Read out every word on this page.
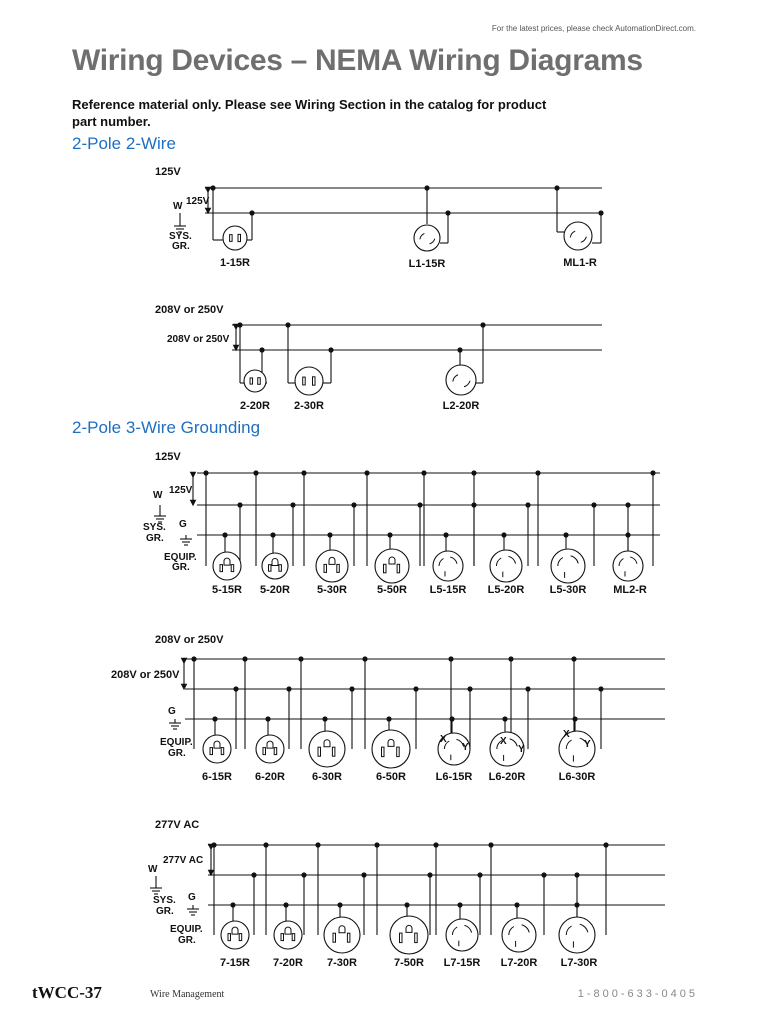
For the latest prices, please check AutomationDirect.com.
Wiring Devices – NEMA Wiring Diagrams
Reference material only. Please see Wiring Section in the catalog for product part number.
2-Pole 2-Wire
2-Pole 3-Wire Grounding
125V
125V
W
SYS.
GR.
1-15R	L1-15R	ML1-R
208V or 250V
208V or 250V
2-20R 2-30R	L2-20R
125V
125V
W
SYS.
GR.
G
EQUIP.
GR.
5-15R 5-20R 5-30R	5-50R L5-15R L5-20R L5-30R ML2-R
208V or 250V
208V or 250V
G
EQUIP.
GR.
6-15R 6-20R 6-30R	6-50R	L6-15R L6-20R	L6-30R
X
Y
X
Y
X
Y
277V AC
277V AC
W
SYS.
GR.
G
EQUIP.
GR.
7-15R 7-20R 7-30R	7-50R L7-15R L7-20R L7-30R
tWCC-37	Wire Management	1-800-633-0405
